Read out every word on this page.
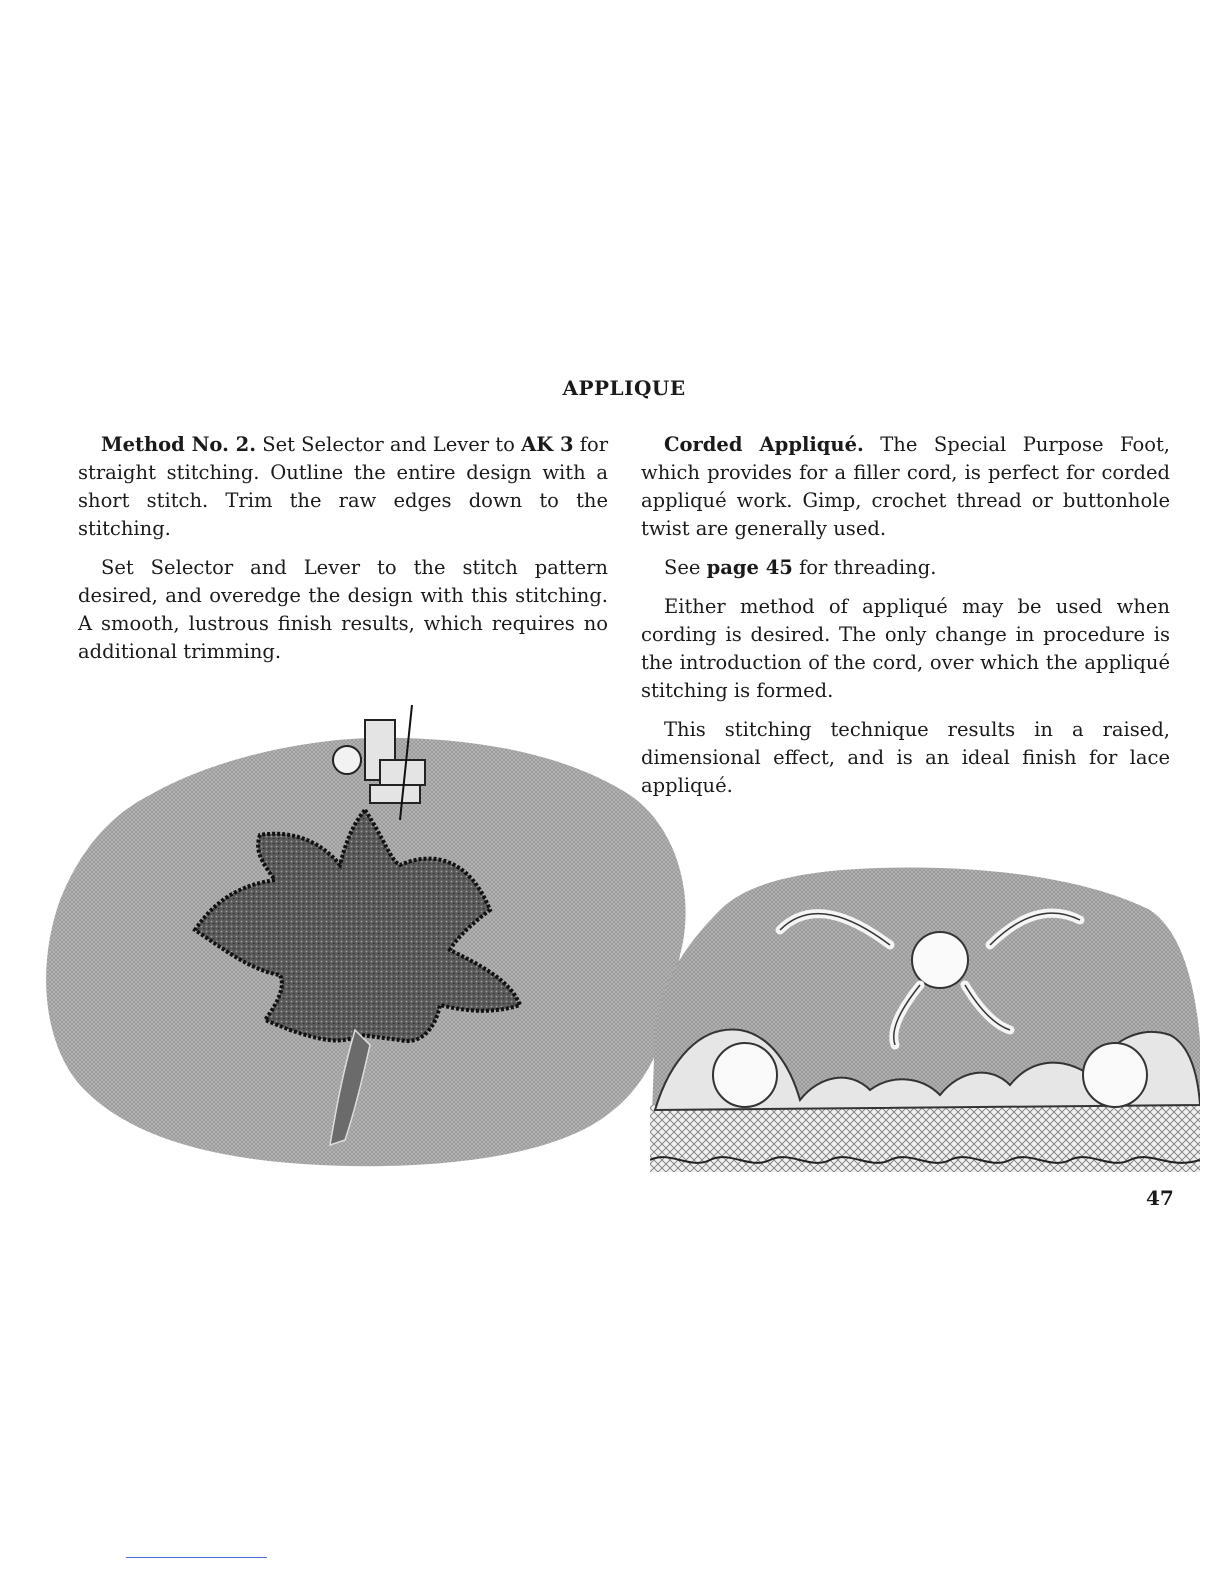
APPLIQUE

Method No. 2. Set Selector and Lever to AK 3 for straight stitching. Outline the entire design with a short stitch. Trim the raw edges down to the stitching.

Set Selector and Lever to the stitch pattern desired, and overedge the design with this stitching. A smooth, lustrous finish results, which requires no additional trimming.

Corded Appliqué. The Special Purpose Foot, which provides for a filler cord, is perfect for corded appliqué work. Gimp, crochet thread or buttonhole twist are generally used.

See page 45 for threading.

Either method of appliqué may be used when cording is desired. The only change in procedure is the introduction of the cord, over which the appliqué stitching is formed.

This stitching technique results in a raised, dimensional effect, and is an ideal finish for lace appliqué.

47
